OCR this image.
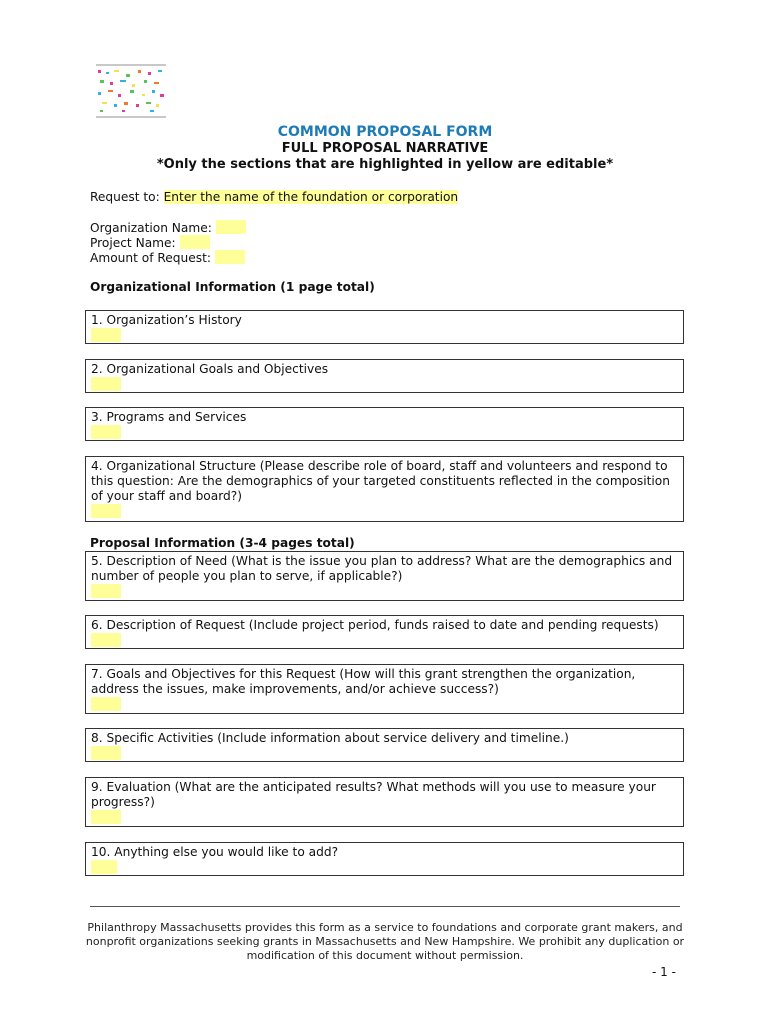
COMMON PROPOSAL FORM
FULL PROPOSAL NARRATIVE
*Only the sections that are highlighted in yellow are editable*
Request to: Enter the name of the foundation or corporation
Organization Name:
Project Name:
Amount of Request:
Organizational Information (1 page total)
1. Organization’s History
2. Organizational Goals and Objectives
3. Programs and Services
4. Organizational Structure (Please describe role of board, staff and volunteers and respond to this question: Are the demographics of your targeted constituents reflected in the composition of your staff and board?)
Proposal Information (3-4 pages total)
5. Description of Need (What is the issue you plan to address? What are the demographics and number of people you plan to serve, if applicable?)
6. Description of Request (Include project period, funds raised to date and pending requests)
7. Goals and Objectives for this Request (How will this grant strengthen the organization, address the issues, make improvements, and/or achieve success?)
8. Specific Activities (Include information about service delivery and timeline.)
9. Evaluation (What are the anticipated results? What methods will you use to measure your progress?)
10. Anything else you would like to add?
Philanthropy Massachusetts provides this form as a service to foundations and corporate grant makers, and nonprofit organizations seeking grants in Massachusetts and New Hampshire. We prohibit any duplication or modification of this document without permission.
- 1 -
